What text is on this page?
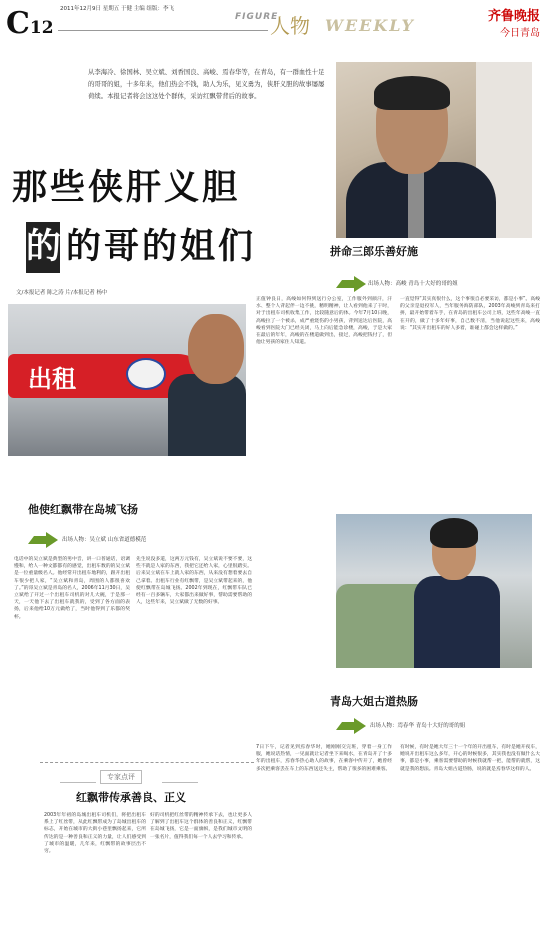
C12
2011年12月9日 星期五 于健 主编 组版：李飞
FIGURE
人物 WEEKLY	齐鲁晚报
今日青岛
从李海冷、徐国林、吴立斌、刘香国良、高峻、焉春华等，在青岛，有一群血性十足的哥哥的姐，十多年来，他们热会不钱，助人为乐，见义勇为，侠肝义胆的故事屡屡荷续。本报记者将会这这处个群体，采访红飘带背后的故事。
那些侠肝义胆
的的哥的姐们
文/本报记者 陈之涛 片/本报记者 杨中
拼命三郎乐善好施
出场人物：高峻 青岛十大好的哥的姐
正值钟良日，高峻如何得到送行分公室，工作服外到颜汗，汗水、整个人背起伴一边不挑，精明精神，让人看到他来了干时，对于出租车司机收集工作，比较随意后的体。今年7月10日晚，高峻拉了一个被杀，成严重烧伤的小男孩，背到送达后医院，高峻看到医院大门已经关闭，马上向后能急诊楼，高峻，于是大家在最后的年年，高峻的在楼道做到出，接过，高峻把钱付了，但他让男孩的家住人知道。
一直觉得“其实真很什么，这个事很自必要采访，都是小事”。高峻的父亲是退役军人，当年服务海防部队，2003年高峻到青岛来打拼，最开始带着车手，在青岛的出租车公司上班，这些年高峻一直在开的，做了十多年好事，自己数不清，当他说起这些来，高峻说：“其实开出租车的好人多着，谁碰上都会这样做的。”
出租
他使红飘带在岛城飞扬
出场人物：吴立斌 山东省道德模范
电话中的吴立斌是典型的男中音，讲一口普通话，语调慢和，给人一种文都都有的感觉，出租车数的的吴立斌是一位重量级名人。他经常开出租车地利的，跟开出租车很少把人家，“吴立斌和青岛，周围的人都很喜欢了。”的哥吴立斌是青岛的名人，2006年11月30日，吴立斌给了开过一个出租车司机的对儿大碗，于是那一天，一天他下去了出租车就我的，受到了各方面的表扬，后来他给10万元做给了，当时他得到了乐都的奖杯。
先生说没多道，这两万元钱有，吴立斌说不要不要，这些不就是人家的东西，我把它还给人家，心里很踏实。后来吴立斌在车上就人家的东西，从来没有想着要去自己拿着。出租车行业有红飘带，是吴立斌带起来的，他使红飘带在岛城飞扬。2002年到现在，红飘带车队已经有一百多辆车，大家都出来做好事，帮助需要帮助的人，这些年来，吴立斌做了无数的好事。
青岛大姐古道热肠
出场人物：焉春华 青岛十大好的哥的姐
7日下午，记者见到焉春华时，她刚刚交完班，穿着一身工作服，她说话热情，一见面就让记者坐下来喝水，在青岛开了十多年的出租车，焉春华热心助人的故事，在乘客中传开了，她曾经多次把乘客丢在车上的东西送还失主，帮助了很多的困难乘客。
有时候，有时是她大年三十一个年的开出租车，有时是她开夜车，她说开出租车这么多年，开心的时候很多，其实我也没有做什么大事，都是小事，乘客需要帮助的时候我就帮一把，能帮的就帮，这就是我的想法。青岛大姐古道热肠，说的就是焉春华这样的人。
专家点评
红飘带传承善良、正义
2003年年初的岛城出租车司机们，将把出租车系上了红丝带，从此红飘带成为了岛城出租车的标志，开始在城市的大街小巷里飘扬起来，它所传达的是一种善良和正义的力量，让人们感受到了城市的温暖，几年来，红飘带的故事层出不穷。
好的司机把红丝带的精神传承下去，也让更多人了解到了出租车这个群体的善良和正义，红飘带在岛城飞扬，它是一面旗帜，是我们城市文明的一张名片，值得我们每一个人去学习和传承。
